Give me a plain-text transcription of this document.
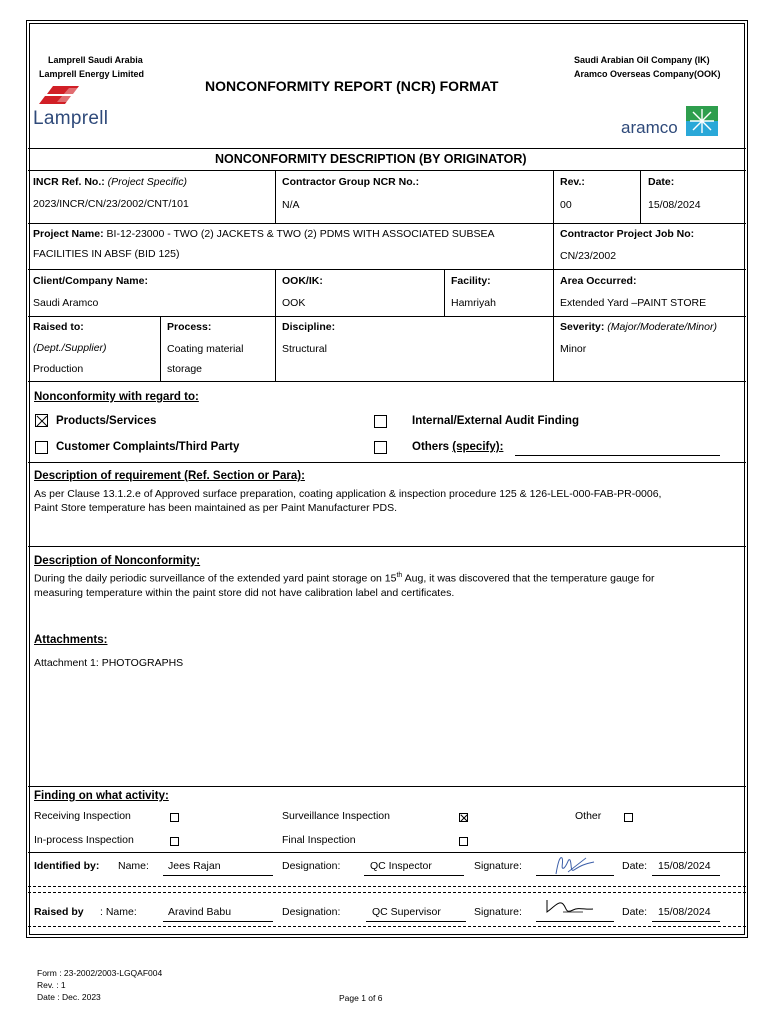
Lamprell Saudi Arabia
Lamprell Energy Limited
Lamprell
NONCONFORMITY REPORT (NCR) FORMAT
Saudi Arabian Oil Company (IK)
Aramco Overseas Company(OOK)
aramco
NONCONFORMITY DESCRIPTION (BY ORIGINATOR)
INCR Ref. No.: (Project Specific)
2023/INCR/CN/23/2002/CNT/101
Contractor Group NCR No.:
N/A
Rev.:
00
Date:
15/08/2024
Project Name: BI-12-23000 - TWO (2) JACKETS & TWO (2) PDMS WITH ASSOCIATED SUBSEA
FACILITIES IN ABSF (BID 125)
Contractor Project Job No:
CN/23/2002
Client/Company Name:
Saudi Aramco
OOK/IK:
OOK
Facility:
Hamriyah
Area Occurred:
Extended Yard –PAINT STORE
Raised to:
(Dept./Supplier)
Production
Process:
Coating material
storage
Discipline:
Structural
Severity: (Major/Moderate/Minor)
Minor
Nonconformity with regard to:
Products/Services	Internal/External Audit Finding
Customer Complaints/Third Party	Others (specify):
Description of requirement (Ref. Section or Para):
As per Clause 13.1.2.e of Approved surface preparation, coating application & inspection procedure 125 & 126-LEL-000-FAB-PR-0006,
Paint Store temperature has been maintained as per Paint Manufacturer PDS.
Description of Nonconformity:
During the daily periodic surveillance of the extended yard paint storage on 15th Aug, it was discovered that the temperature gauge for
measuring temperature within the paint store did not have calibration label and certificates.
Attachments:
Attachment 1: PHOTOGRAPHS
Finding on what activity:
Receiving Inspection	Surveillance Inspection	Other
In-process Inspection	Final Inspection
Identified by: Name: Jees Rajan	Designation:	QC Inspector	Signature:	Date: 15/08/2024
Raised by : Name:	Aravind Babu	Designation:	QC Supervisor	Signature:	Date: 15/08/2024
Form : 23-2002/2003-LGQAF004
Rev. : 1
Date : Dec. 2023	Page 1 of 6
